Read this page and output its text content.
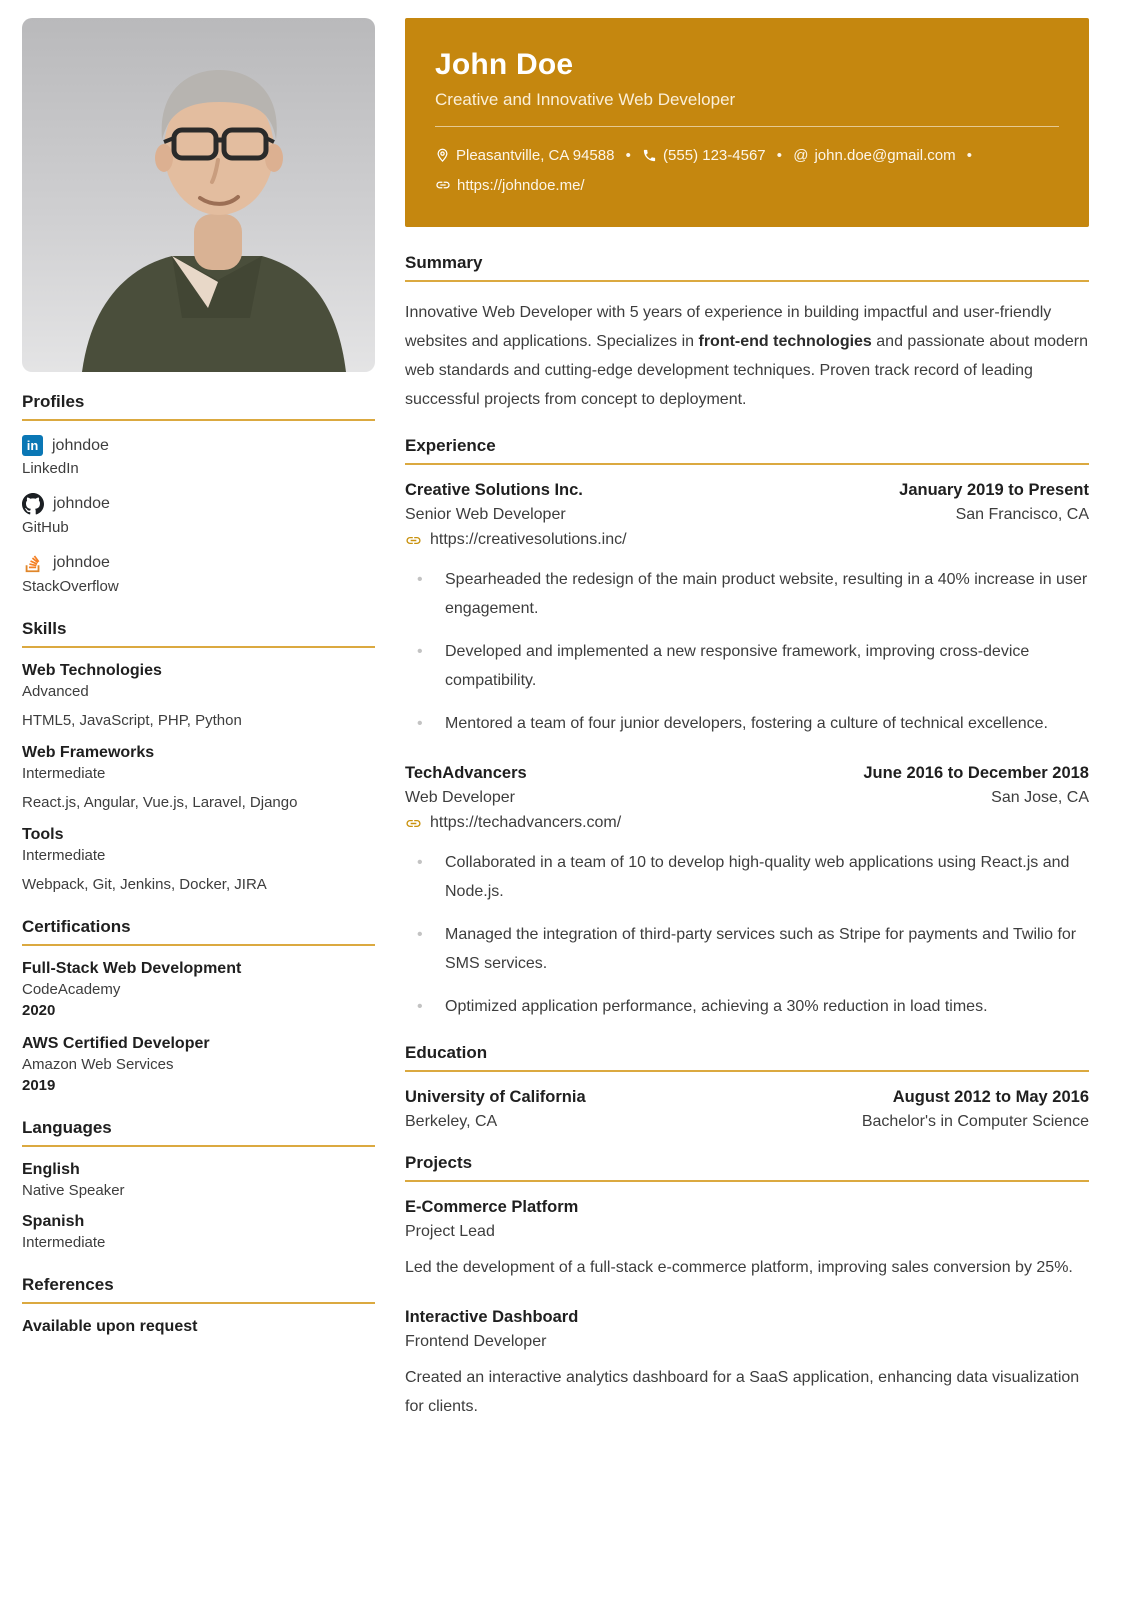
Profiles
in johndoe
LinkedIn
johndoe
GitHub
johndoe
StackOverflow
Skills
Web Technologies
Advanced
HTML5, JavaScript, PHP, Python
Web Frameworks
Intermediate
React.js, Angular, Vue.js, Laravel, Django
Tools
Intermediate
Webpack, Git, Jenkins, Docker, JIRA
Certifications
Full-Stack Web Development
CodeAcademy
2020
AWS Certified Developer
Amazon Web Services
2019
Languages
English
Native Speaker
Spanish
Intermediate
References
Available upon request
John Doe
Creative and Innovative Web Developer
Pleasantville, CA 94588 • (555) 123-4567 • @ john.doe@gmail.com •

https://johndoe.me/
Summary

Innovative Web Developer with 5 years of experience in building impactful and user-friendly websites and applications. Specializes in front-end technologies and passionate about modern web standards and cutting-edge development techniques. Proven track record of leading successful projects from concept to deployment.

Experience
Creative Solutions Inc.	January 2019 to Present
Senior Web Developer	San Francisco, CA
https://creativesolutions.inc/
• Spearheaded the redesign of the main product website, resulting in a 40% increase in user engagement.
• Developed and implemented a new responsive framework, improving cross-device compatibility.
• Mentored a team of four junior developers, fostering a culture of technical excellence.
TechAdvancers	June 2016 to December 2018
Web Developer	San Jose, CA
https://techadvancers.com/
• Collaborated in a team of 10 to develop high-quality web applications using React.js and Node.js.
• Managed the integration of third-party services such as Stripe for payments and Twilio for SMS services.
• Optimized application performance, achieving a 30% reduction in load times.
Education
University of California	August 2012 to May 2016
Berkeley, CA	Bachelor's in Computer Science
Projects
E-Commerce Platform
Project Lead
Led the development of a full-stack e-commerce platform, improving sales conversion by 25%.
Interactive Dashboard
Frontend Developer
Created an interactive analytics dashboard for a SaaS application, enhancing data visualization for clients.
